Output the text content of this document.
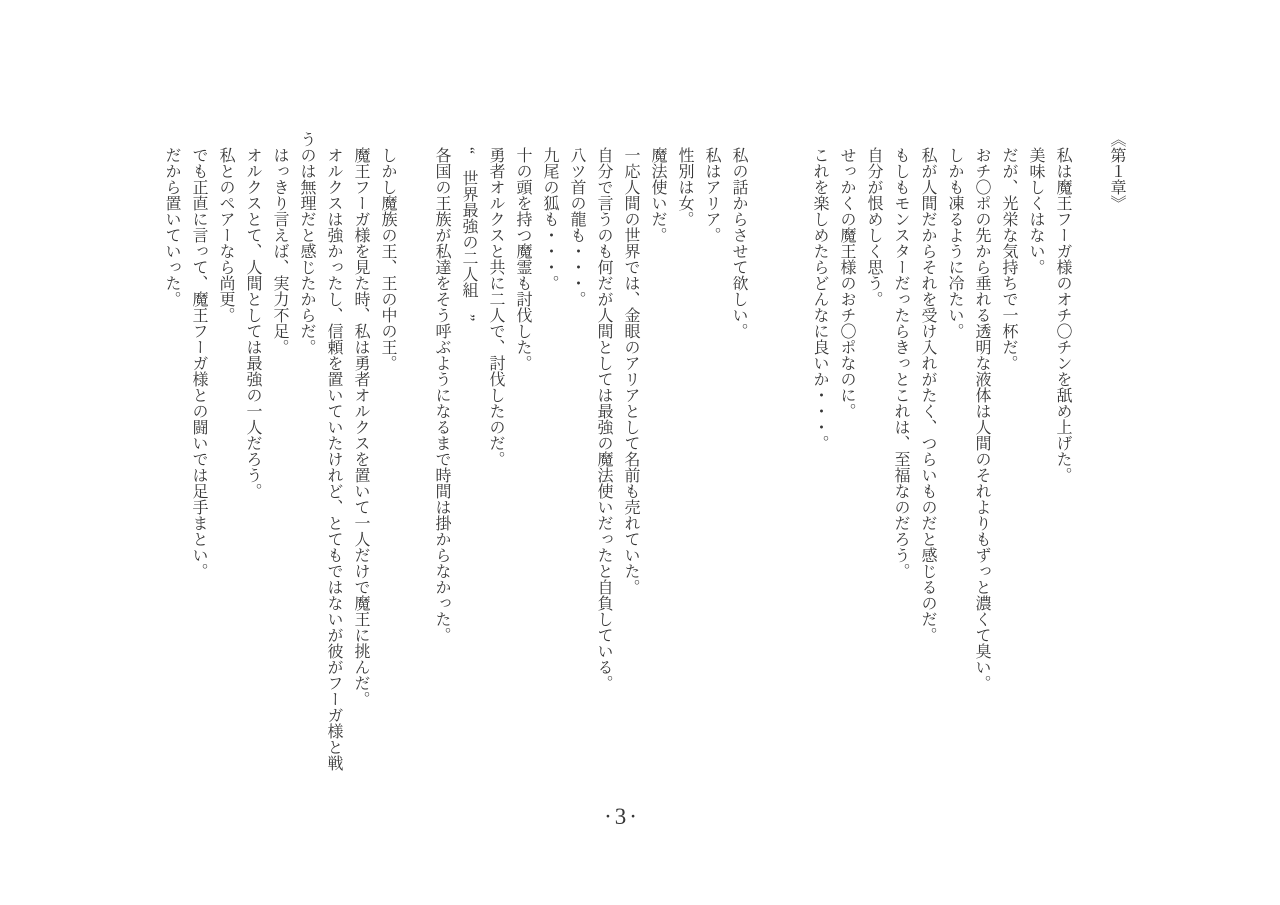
《第１章》

私は魔王フーガ様のオチ〇チンを舐め上げた。

美味しくはない。

だが、光栄な気持ちで一杯だ。

おチ〇ポの先から垂れる透明な液体は人間のそれよりもずっと濃くて臭い。

しかも凍るように冷たい。

私が人間だからそれを受け入れがたく、つらいものだと感じるのだ。

もしもモンスターだったらきっとこれは、至福なのだろう。

自分が恨めしく思う。

せっかくの魔王様のおチ〇ポなのに。

これを楽しめたらどんなに良いか・・・。

私の話からさせて欲しい。

私はアリア。

性別は女。

魔法使いだ。

一応人間の世界では、金眼のアリアとして名前も売れていた。

自分で言うのも何だが人間としては最強の魔法使いだったと自負している。

八ツ首の龍も・・・。

九尾の狐も・・・。

十の頭を持つ魔霊も討伐した。

勇者オルクスと共に二人で、討伐したのだ。

“　世界最強の二人組　”

各国の王族が私達をそう呼ぶようになるまで時間は掛からなかった。

しかし魔族の王、王の中の王。

魔王フーガ様を見た時、私は勇者オルクスを置いて一人だけで魔王に挑んだ。

オルクスは強かったし、信頼を置いていたけれど、とてもではないが彼がフーガ様と戦うのは無理だと感じたからだ。

はっきり言えば、実力不足。

オルクスとて、人間としては最強の一人だろう。

私とのペアーなら尚更。

でも正直に言って、魔王フーガ様との闘いでは足手まとい。

だから置いていった。

·3·
